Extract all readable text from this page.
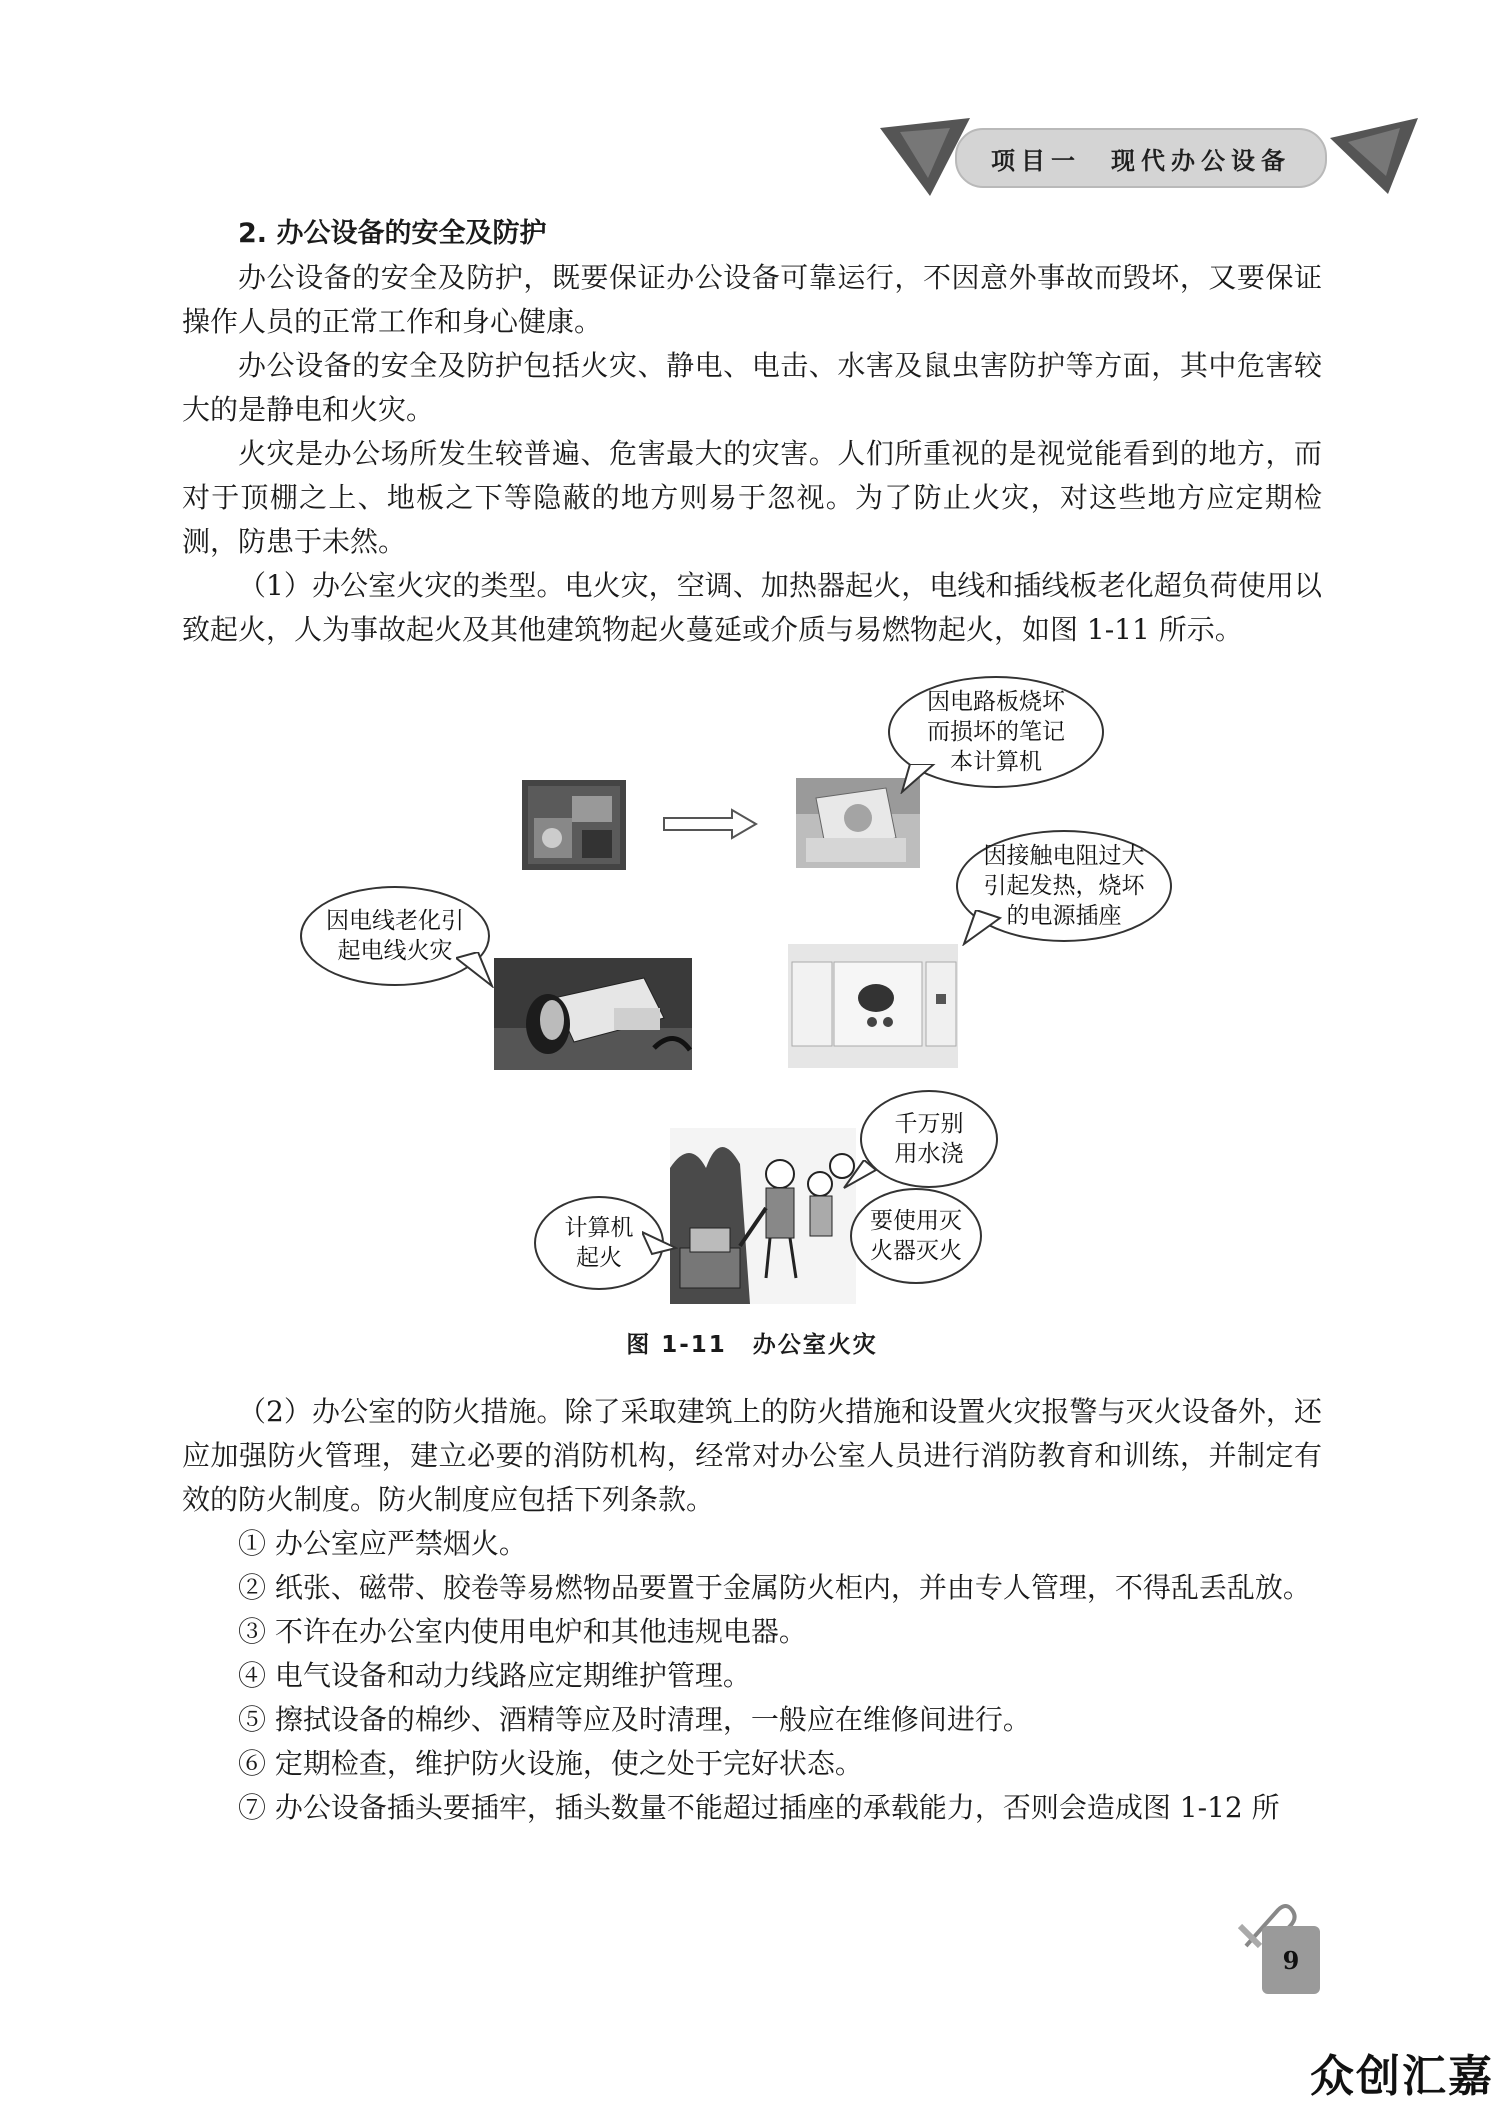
项目一　现代办公设备

2. 办公设备的安全及防护

办公设备的安全及防护，既要保证办公设备可靠运行，不因意外事故而毁坏，又要保证操作人员的正常工作和身心健康。

办公设备的安全及防护包括火灾、静电、电击、水害及鼠虫害防护等方面，其中危害较大的是静电和火灾。

火灾是办公场所发生较普遍、危害最大的灾害。人们所重视的是视觉能看到的地方，而对于顶棚之上、地板之下等隐蔽的地方则易于忽视。为了防止火灾，对这些地方应定期检测，防患于未然。

（1）办公室火灾的类型。电火灾，空调、加热器起火，电线和插线板老化超负荷使用以致起火，人为事故起火及其他建筑物起火蔓延或介质与易燃物起火，如图 1-11 所示。

因电路板烧坏
而损坏的笔记
本计算机
因接触电阻过大
引起发热，烧坏
的电源插座
因电线老化引
起电线火灾
千万别
用水浇
要使用灭
火器灭火
计算机
起火
图 1-11 办公室火灾

（2）办公室的防火措施。除了采取建筑上的防火措施和设置火灾报警与灭火设备外，还应加强防火管理，建立必要的消防机构，经常对办公室人员进行消防教育和训练，并制定有效的防火制度。防火制度应包括下列条款。

① 办公室应严禁烟火。

② 纸张、磁带、胶卷等易燃物品要置于金属防火柜内，并由专人管理，不得乱丢乱放。

③ 不许在办公室内使用电炉和其他违规电器。

④ 电气设备和动力线路应定期维护管理。

⑤ 擦拭设备的棉纱、酒精等应及时清理，一般应在维修间进行。

⑥ 定期检查，维护防火设施，使之处于完好状态。

⑦ 办公设备插头要插牢，插头数量不能超过插座的承载能力，否则会造成图 1-12 所

9
众创汇嘉
